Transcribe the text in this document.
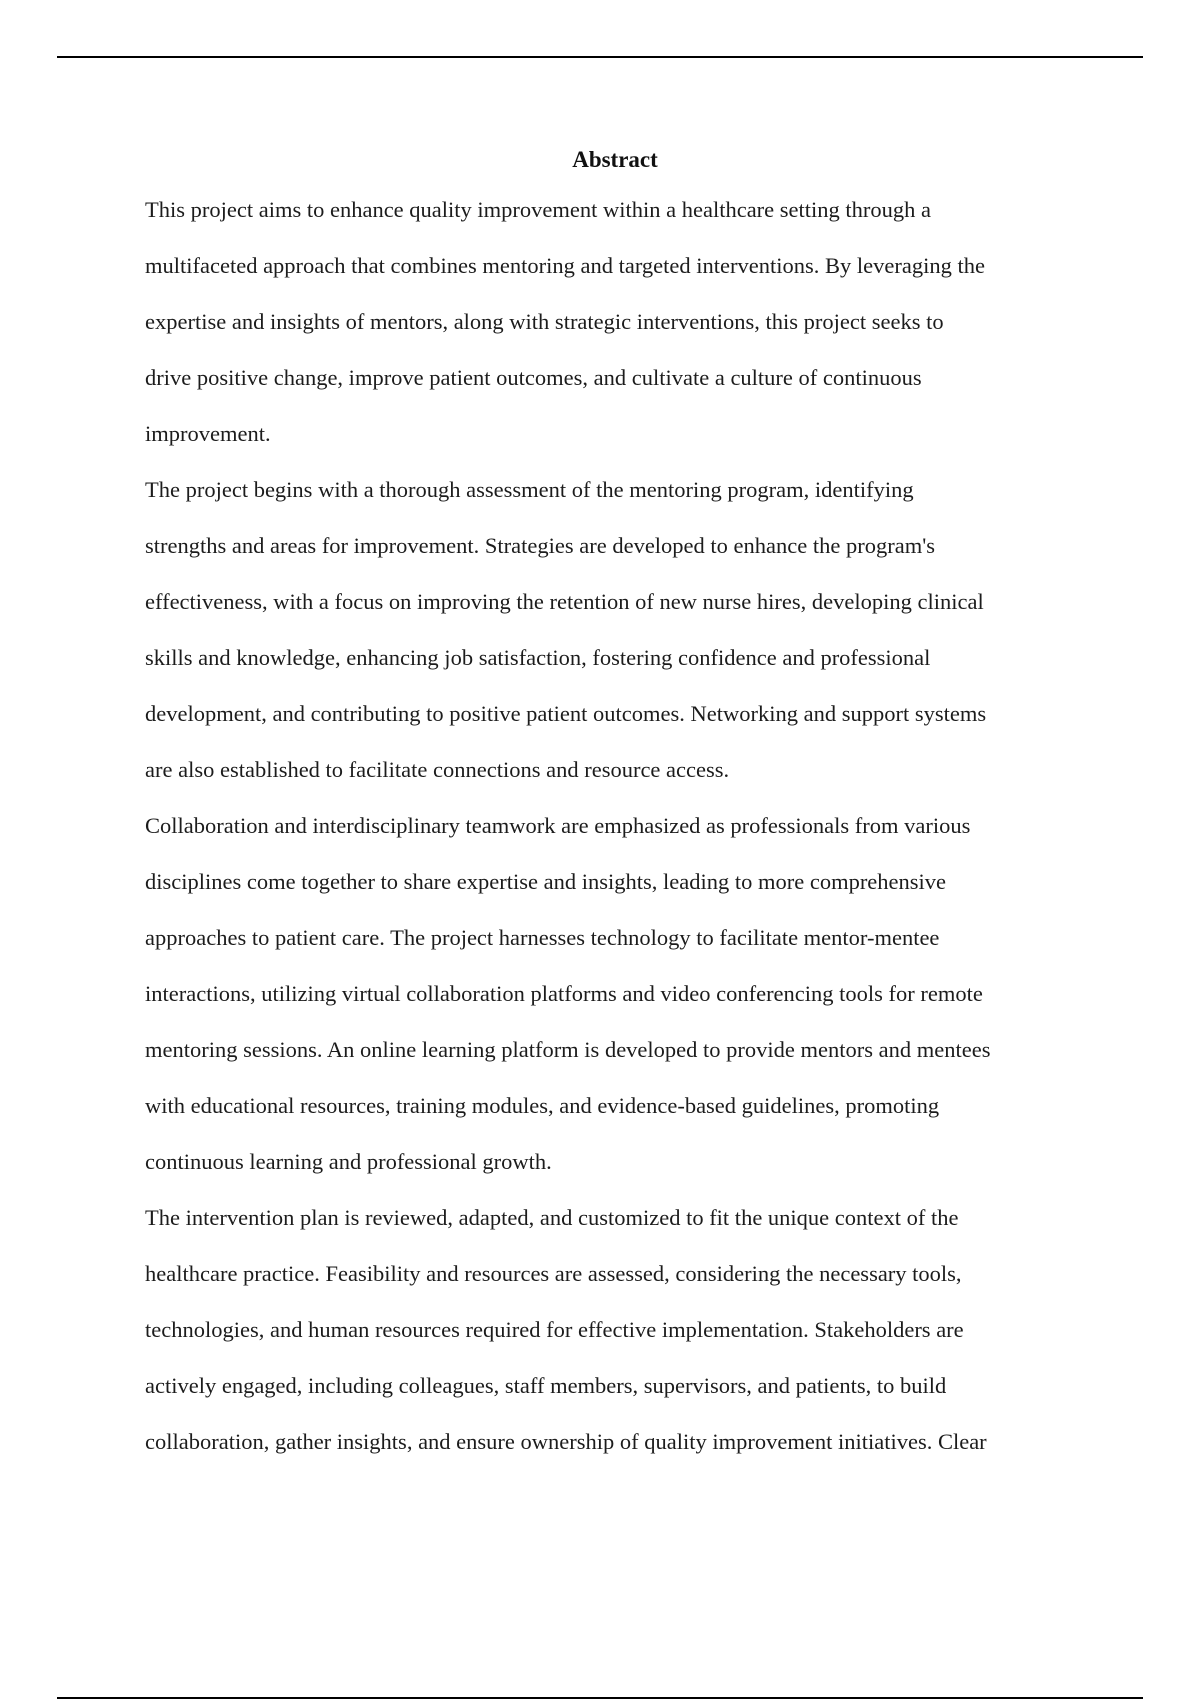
Abstract
This project aims to enhance quality improvement within a healthcare setting through a
multifaceted approach that combines mentoring and targeted interventions. By leveraging the
expertise and insights of mentors, along with strategic interventions, this project seeks to
drive positive change, improve patient outcomes, and cultivate a culture of continuous
improvement.
The project begins with a thorough assessment of the mentoring program, identifying
strengths and areas for improvement. Strategies are developed to enhance the program's
effectiveness, with a focus on improving the retention of new nurse hires, developing clinical
skills and knowledge, enhancing job satisfaction, fostering confidence and professional
development, and contributing to positive patient outcomes. Networking and support systems
are also established to facilitate connections and resource access.
Collaboration and interdisciplinary teamwork are emphasized as professionals from various
disciplines come together to share expertise and insights, leading to more comprehensive
approaches to patient care. The project harnesses technology to facilitate mentor-mentee
interactions, utilizing virtual collaboration platforms and video conferencing tools for remote
mentoring sessions. An online learning platform is developed to provide mentors and mentees
with educational resources, training modules, and evidence-based guidelines, promoting
continuous learning and professional growth.
The intervention plan is reviewed, adapted, and customized to fit the unique context of the
healthcare practice. Feasibility and resources are assessed, considering the necessary tools,
technologies, and human resources required for effective implementation. Stakeholders are
actively engaged, including colleagues, staff members, supervisors, and patients, to build
collaboration, gather insights, and ensure ownership of quality improvement initiatives. Clear
